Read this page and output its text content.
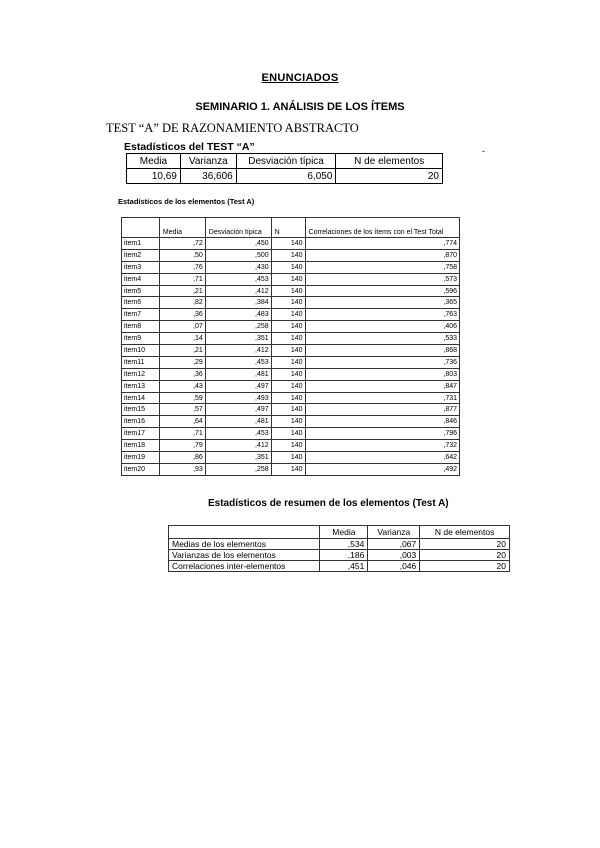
ENUNCIADOS
SEMINARIO 1. ANÁLISIS DE LOS ÍTEMS

TEST “A” DE RAZONAMIENTO ABSTRACTO

-

Estadísticos del TEST “A”

Media	Varianza	Desviación típica	N de elementos
10,69	36,606	6,050	20

Estadísticos de los elementos (Test A)

	Media	Desviación típica	N	Correlaciones de los ítems con el Test Total
item1	,72	,450	140	,774
item2	,50	,500	140	,870
item3	,76	,430	140	,758
item4	,71	,453	140	,573
item5	,21	,412	140	,596
item6	,82	,384	140	,365
item7	,36	,483	140	,763
item8	,07	,258	140	,406
item9	,14	,351	140	,533
item10	,21	,412	140	,868
item11	,29	,453	140	,736
item12	,36	,481	140	,803
item13	,43	,497	140	,847
item14	,59	,493	140	,731
item15	,57	,497	140	,877
item16	,64	,481	140	,846
item17	,71	,453	140	,796
item18	,79	,412	140	,732
item19	,86	,351	140	,642
item20	,93	,258	140	,492

Estadísticos de resumen de los elementos (Test A)

	Media	Varianza	N de elementos
Medias de los elementos	,534	,067	20
Varianzas de los elementos	,186	,003	20
Correlaciones inter-elementos	,451	,046	20
